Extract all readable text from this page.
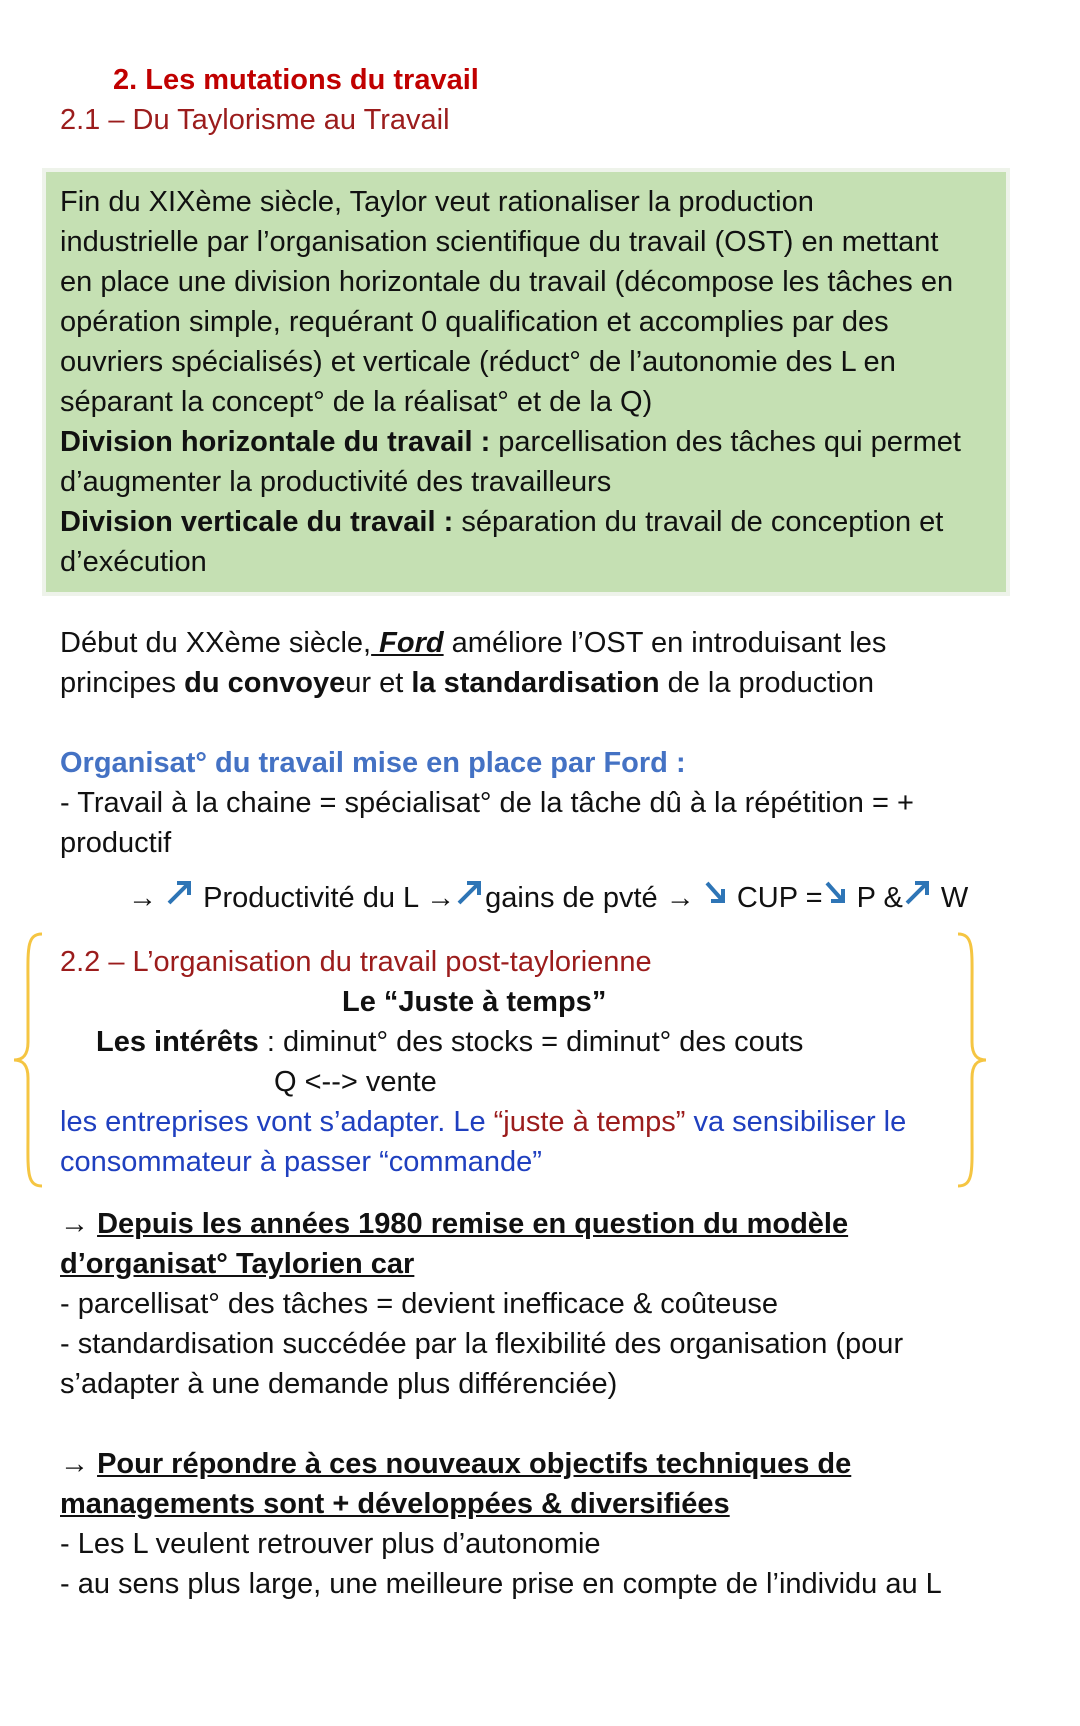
2. Les mutations du travail
2.1 – Du Taylorisme au Travail
Fin du XIXème siècle, Taylor veut rationaliser la production
industrielle par l’organisation scientifique du travail (OST) en mettant
en place une division horizontale du travail (décompose les tâches en
opération simple, requérant 0 qualification et accomplies par des
ouvriers spécialisés) et verticale (réduct° de l’autonomie des L en
séparant la concept° de la réalisat° et de la Q)
Division horizontale du travail : parcellisation des tâches qui permet
d’augmenter la productivité des travailleurs
Division verticale du travail : séparation du travail de conception et
d’exécution
Début du XXème siècle, Ford améliore l’OST en introduisant les
principes du convoyeur et la standardisation de la production
Organisat° du travail mise en place par Ford :
- Travail à la chaine = spécialisat° de la tâche dû à la répétition = +
productif
→ Productivité du L → gains de pvté → CUP = P & W
2.2 – L’organisation du travail post-taylorienne
Le “Juste à temps”
Les intérêts : diminut° des stocks = diminut° des couts
Q <--> vente
les entreprises vont s’adapter. Le “juste à temps” va sensibiliser le
consommateur à passer “commande”
→ Depuis les années 1980 remise en question du modèle
d’organisat° Taylorien car
- parcellisat° des tâches = devient inefficace & coûteuse
- standardisation succédée par la flexibilité des organisation (pour
s’adapter à une demande plus différenciée)
→ Pour répondre à ces nouveaux objectifs techniques de
managements sont + développées & diversifiées
- Les L veulent retrouver plus d’autonomie
- au sens plus large, une meilleure prise en compte de l’individu au L
